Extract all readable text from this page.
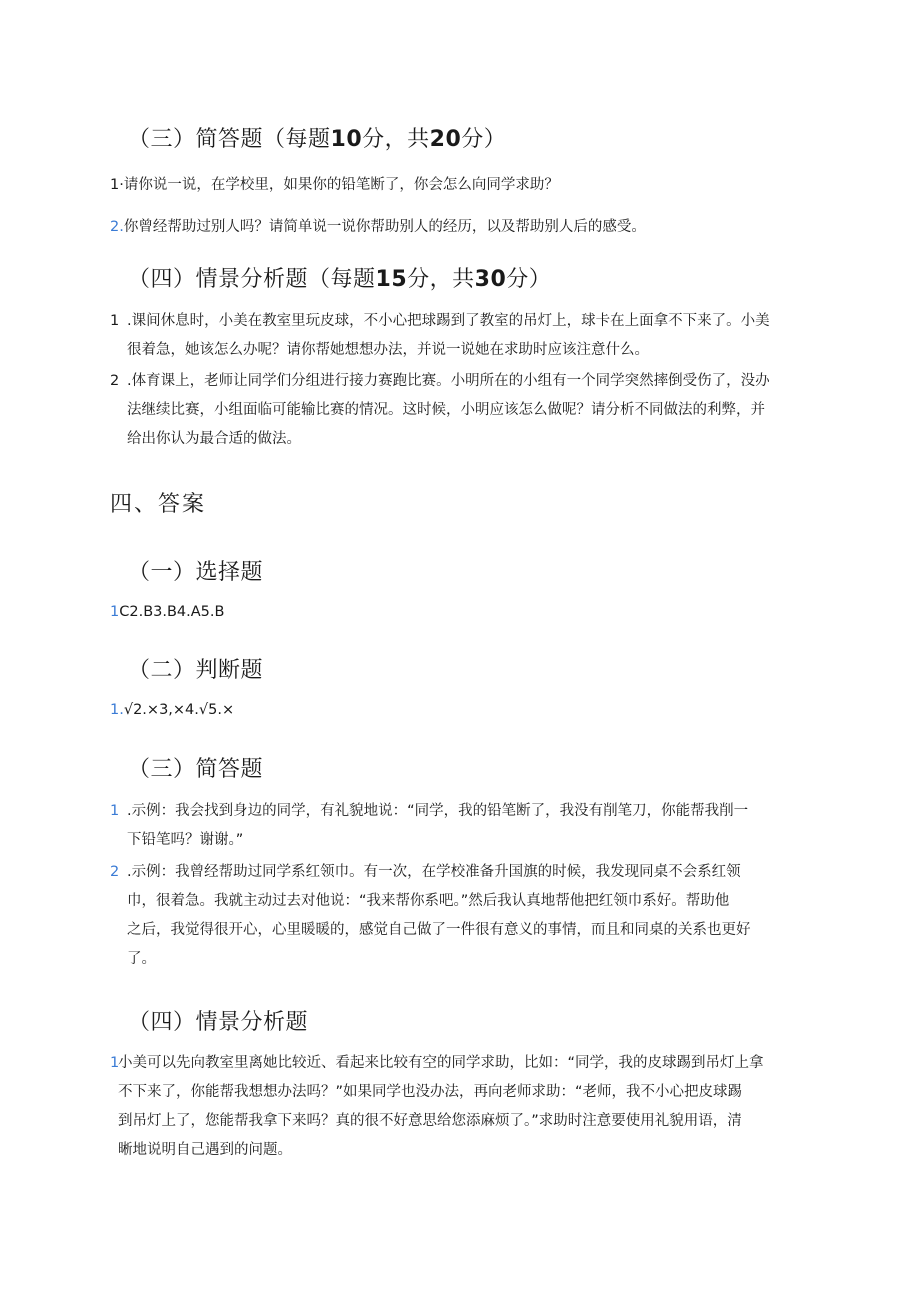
（三）简答题（每题10分，共20分）
1·请你说一说，在学校里，如果你的铅笔断了，你会怎么向同学求助？
2.你曾经帮助过别人吗？请简单说一说你帮助别人的经历，以及帮助别人后的感受。
（四）情景分析题（每题15分，共30分）
1 .课间休息时，小美在教室里玩皮球，不小心把球踢到了教室的吊灯上，球卡在上面拿不下来了。小美
很着急，她该怎么办呢？请你帮她想想办法，并说一说她在求助时应该注意什么。
2 .体育课上，老师让同学们分组进行接力赛跑比赛。小明所在的小组有一个同学突然摔倒受伤了，没办
法继续比赛，小组面临可能输比赛的情况。这时候，小明应该怎么做呢？请分析不同做法的利弊，并
给出你认为最合适的做法。
四、答案
（一）选择题
1C2.B3.B4.A5.B
（二）判断题
1.√2.×3,×4.√5.×
（三）简答题
1 .示例：我会找到身边的同学，有礼貌地说：“同学，我的铅笔断了，我没有削笔刀，你能帮我削一
下铅笔吗？谢谢。”
2 .示例：我曾经帮助过同学系红领巾。有一次，在学校准备升国旗的时候，我发现同桌不会系红领
巾，很着急。我就主动过去对他说：“我来帮你系吧。”然后我认真地帮他把红领巾系好。帮助他
之后，我觉得很开心，心里暖暖的，感觉自己做了一件很有意义的事情，而且和同桌的关系也更好
了。
（四）情景分析题
1
小美可以先向教室里离她比较近、看起来比较有空的同学求助，比如：“同学，我的皮球踢到吊灯上拿
不下来了，你能帮我想想办法吗？”如果同学也没办法，再向老师求助：“老师，我不小心把皮球踢
到吊灯上了，您能帮我拿下来吗？真的很不好意思给您添麻烦了。”求助时注意要使用礼貌用语，清
晰地说明自己遇到的问题。
